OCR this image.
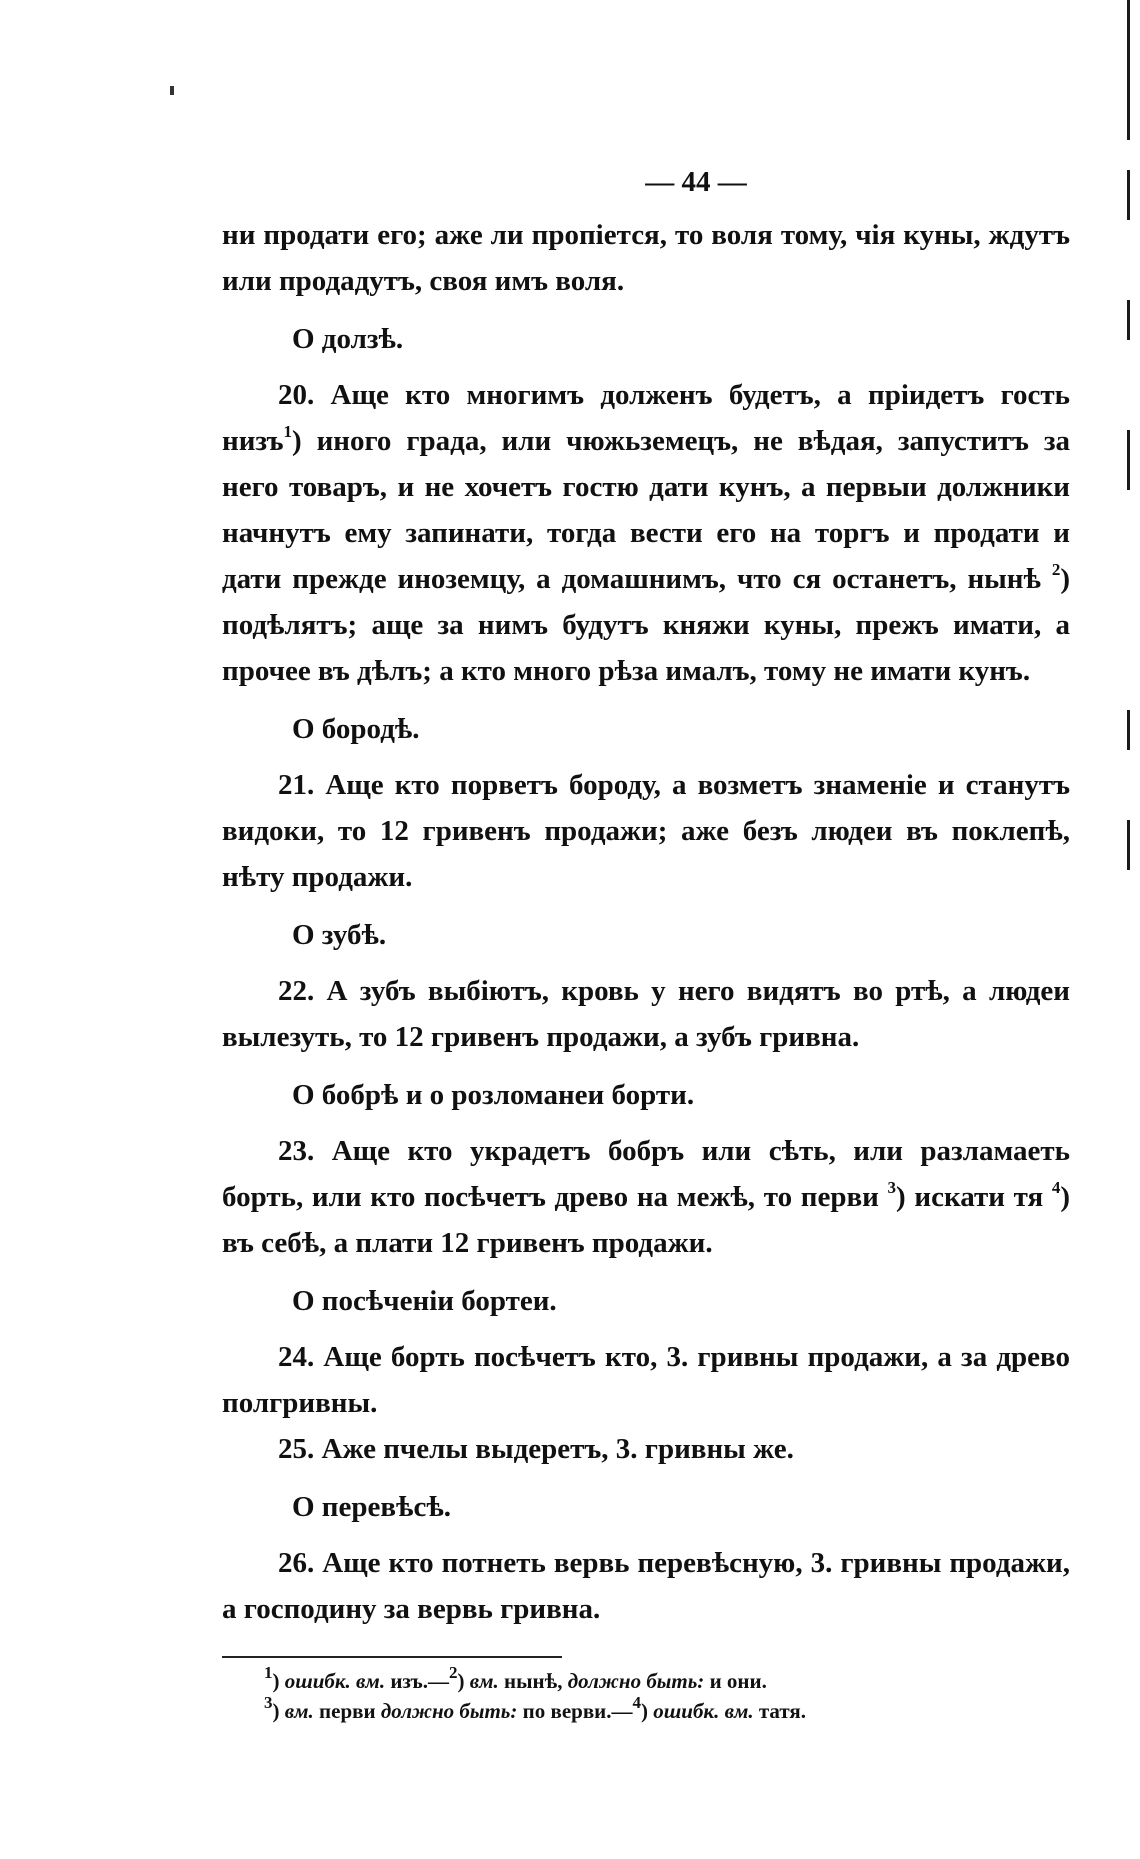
— 44 —

ни продати его; аже ли пропіется, то воля тому, чія куны, ждутъ или продадутъ, своя имъ воля.

О долзѣ.

20. Аще кто многимъ долженъ будетъ, а пріидетъ гость низъ$^1$) иного града, или чюжьземецъ, не вѣдая, запуститъ за него товаръ, и не хочетъ гостю дати кунъ, а первыи должники начнутъ ему запинати, тогда вести его на торгъ и продати и дати прежде иноземцу, а домашнимъ, что ся останетъ, нынѣ $^2$) подѣлятъ; аще за нимъ будутъ княжи куны, прежъ имати, а прочее въ дѣлъ; а кто много рѣза ималъ, тому не имати кунъ.

О бородѣ.

21. Аще кто порветъ бороду, а возметъ знаменіе и станутъ видоки, то 12 гривенъ продажи; аже безъ людеи въ поклепѣ, нѣту продажи.

О зубѣ.

22. А зубъ выбіютъ, кровь у него видятъ во ртѣ, а людеи вылезуть, то 12 гривенъ продажи, а зубъ гривна.

О бобрѣ и о розломанеи борти.

23. Аще кто украдетъ бобръ или сѣть, или разламаеть борть, или кто посѣчетъ древо на межѣ, то перви $^3$) искати тя $^4$) въ себѣ, а плати 12 гривенъ продажи.

О посѣченіи бортеи.

24. Аще борть посѣчетъ кто, 3. гривны продажи, а за древо полгривны.

25. Аже пчелы выдеретъ, 3. гривны же.

О перевѣсѣ.

26. Аще кто потнеть вервь перевѣсную, 3. гривны продажи, а господину за вервь гривна.

$^1$) ошибк. вм. изъ.—$^2$) вм. нынѣ, должно быть: и они.
$^3$) вм. перви должно быть: по верви.—$^4$) ошибк. вм. татя.
